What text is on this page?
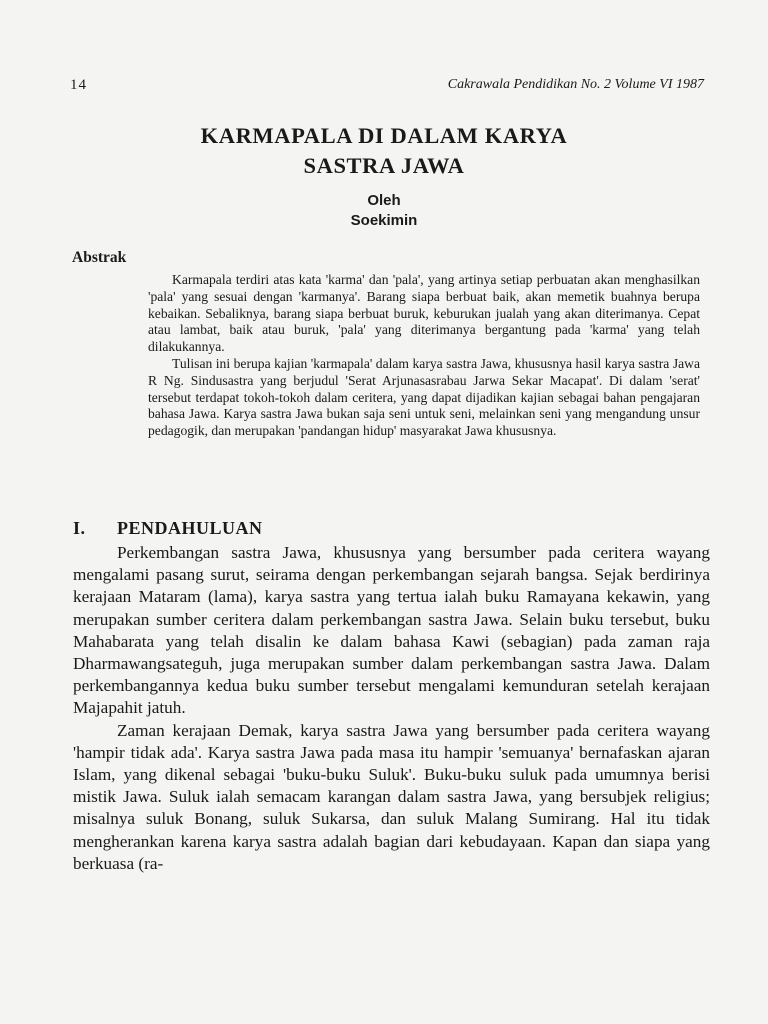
14	Cakrawala Pendidikan No. 2 Volume VI 1987
KARMAPALA DI DALAM KARYA
SASTRA JAWA
Oleh
Soekimin
Abstrak

Karmapala terdiri atas kata 'karma' dan 'pala', yang artinya setiap perbuatan akan menghasilkan 'pala' yang sesuai dengan 'karmanya'. Barang siapa berbuat baik, akan memetik buahnya berupa kebaikan. Sebaliknya, barang siapa berbuat buruk, keburukan jualah yang akan diterimanya. Cepat atau lambat, baik atau buruk, 'pala' yang diterimanya bergantung pada 'karma' yang telah dilakukannya.

Tulisan ini berupa kajian 'karmapala' dalam karya sastra Jawa, khususnya hasil karya sastra Jawa R Ng. Sindusastra yang berjudul 'Serat Arjunasasrabau Jarwa Sekar Macapat'. Di dalam 'serat' tersebut terdapat tokoh-tokoh dalam ceritera, yang dapat dijadikan kajian sebagai bahan pengajaran bahasa Jawa. Karya sastra Jawa bukan saja seni untuk seni, melainkan seni yang mengandung unsur pedagogik, dan merupakan 'pandangan hidup' masyarakat Jawa khususnya.

I. PENDAHULUAN

Perkembangan sastra Jawa, khususnya yang bersumber pada ceritera wayang mengalami pasang surut, seirama dengan perkembangan sejarah bangsa. Sejak berdirinya kerajaan Mataram (lama), karya sastra yang tertua ialah buku Ramayana kekawin, yang merupakan sumber ceritera dalam perkembangan sastra Jawa. Selain buku tersebut, buku Mahabarata yang telah disalin ke dalam bahasa Kawi (sebagian) pada zaman raja Dharmawangsateguh, juga merupakan sumber dalam perkembangan sastra Jawa. Dalam perkembangannya kedua buku sumber tersebut mengalami kemunduran setelah kerajaan Majapahit jatuh.

Zaman kerajaan Demak, karya sastra Jawa yang bersumber pada ceritera wayang 'hampir tidak ada'. Karya sastra Jawa pada masa itu hampir 'semuanya' bernafaskan ajaran Islam, yang dikenal sebagai 'buku-buku Suluk'. Buku-buku suluk pada umumnya berisi mistik Jawa. Suluk ialah semacam karangan dalam sastra Jawa, yang bersubjek religius; misalnya suluk Bonang, suluk Sukarsa, dan suluk Malang Sumirang. Hal itu tidak mengherankan karena karya sastra adalah bagian dari kebudayaan. Kapan dan siapa yang berkuasa (ra-
